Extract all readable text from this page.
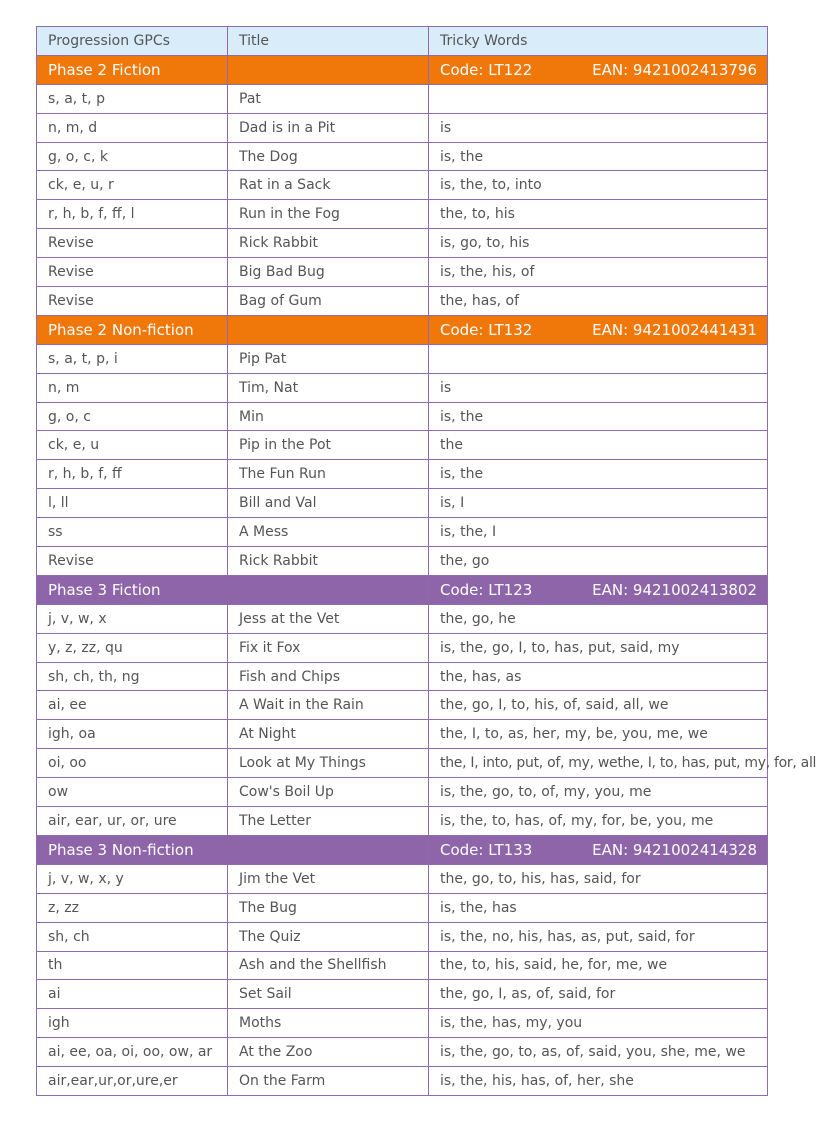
Progression GPCs	Title	Tricky Words
Phase 2 Fiction		Code: LT122 EAN: 9421002413796

s, a, t, p	Pat	
n, m, d	Dad is in a Pit	is
g, o, c, k	The Dog	is, the
ck, e, u, r	Rat in a Sack	is, the, to, into
r, h, b, f, ff, l	Run in the Fog	the, to, his
Revise	Rick Rabbit	is, go, to, his
Revise	Big Bad Bug	is, the, his, of
Revise	Bag of Gum	the, has, of
Phase 2 Non-fiction		Code: LT132 EAN: 9421002441431

s, a, t, p, i	Pip Pat	
n, m	Tim, Nat	is
g, o, c	Min	is, the
ck, e, u	Pip in the Pot	the
r, h, b, f, ff	The Fun Run	is, the
l, ll	Bill and Val	is, I
ss	A Mess	is, the, I
Revise	Rick Rabbit	the, go
Phase 3 Fiction		Code: LT123 EAN: 9421002413802

j, v, w, x	Jess at the Vet	the, go, he
y, z, zz, qu	Fix it Fox	is, the, go, I, to, has, put, said, my
sh, ch, th, ng	Fish and Chips	the, has, as
ai, ee	A Wait in the Rain	the, go, I, to, his, of, said, all, we
igh, oa	At Night	the, I, to, as, her, my, be, you, me, we
oi, oo	Look at My Things	the, I, into, put, of, my, wethe, I, to, has, put, my, for, all
ow	Cow's Boil Up	is, the, go, to, of, my, you, me
air, ear, ur, or, ure	The Letter	is, the, to, has, of, my, for, be, you, me
Phase 3 Non-fiction		Code: LT133 EAN: 9421002414328

j, v, w, x, y	Jim the Vet	the, go, to, his, has, said, for
z, zz	The Bug	is, the, has
sh, ch	The Quiz	is, the, no, his, has, as, put, said, for
th	Ash and the Shellfish	the, to, his, said, he, for, me, we
ai	Set Sail	the, go, I, as, of, said, for
igh	Moths	is, the, has, my, you
ai, ee, oa, oi, oo, ow, ar	At the Zoo	is, the, go, to, as, of, said, you, she, me, we
air,ear,ur,or,ure,er	On the Farm	is, the, his, has, of, her, she
